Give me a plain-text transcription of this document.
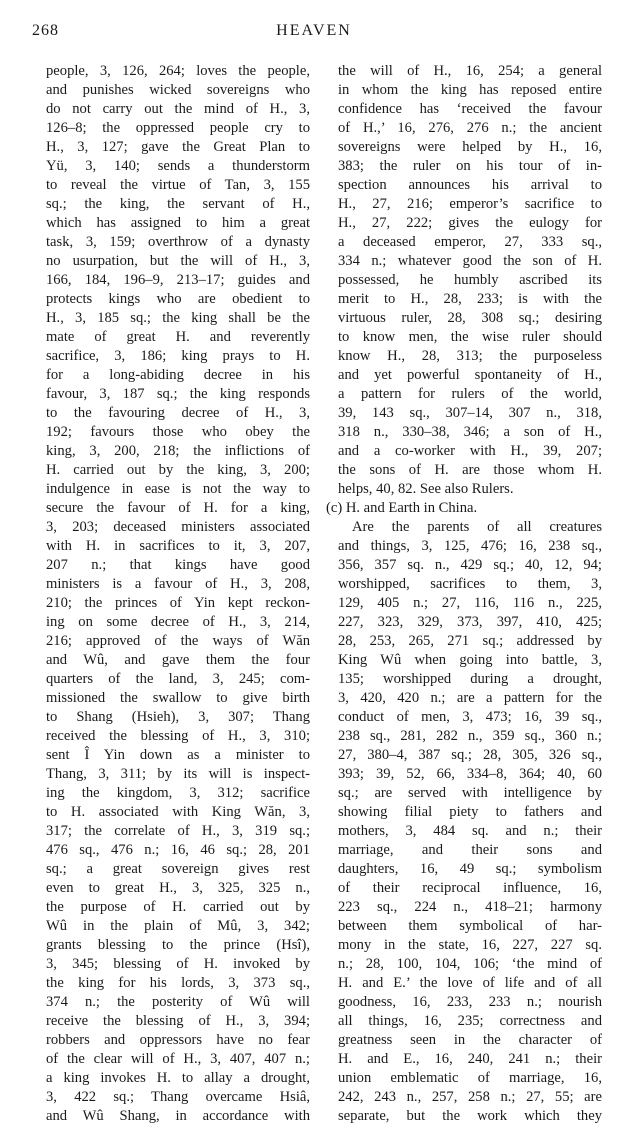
268	HEAVEN
people, 3, 126, 264; loves the people,
and punishes wicked sovereigns who
do not carry out the mind of H., 3,
126–8; the oppressed people cry to
H., 3, 127; gave the Great Plan to
Yü, 3, 140; sends a thunderstorm
to reveal the virtue of Tan, 3, 155
sq.; the king, the servant of H.,
which has assigned to him a great
task, 3, 159; overthrow of a dynasty
no usurpation, but the will of H., 3,
166, 184, 196–9, 213–17; guides and
protects kings who are obedient to
H., 3, 185 sq.; the king shall be the
mate of great H. and reverently
sacrifice, 3, 186; king prays to H.
for a long-abiding decree in his
favour, 3, 187 sq.; the king responds
to the favouring decree of H., 3,
192; favours those who obey the
king, 3, 200, 218; the inflictions of
H. carried out by the king, 3, 200;
indulgence in ease is not the way to
secure the favour of H. for a king,
3, 203; deceased ministers associated
with H. in sacrifices to it, 3, 207,
207 n.; that kings have good
ministers is a favour of H., 3, 208,
210; the princes of Yin kept reckon-
ing on some decree of H., 3, 214,
216; approved of the ways of Wăn
and Wû, and gave them the four
quarters of the land, 3, 245; com-
missioned the swallow to give birth
to Shang (Hsieh), 3, 307; Thang
received the blessing of H., 3, 310;
sent Î Yin down as a minister to
Thang, 3, 311; by its will is inspect-
ing the kingdom, 3, 312; sacrifice
to H. associated with King Wăn, 3,
317; the correlate of H., 3, 319 sq.;
476 sq., 476 n.; 16, 46 sq.; 28, 201
sq.; a great sovereign gives rest
even to great H., 3, 325, 325 n.,
the purpose of H. carried out by
Wû in the plain of Mû, 3, 342;
grants blessing to the prince (Hsî),
3, 345; blessing of H. invoked by
the king for his lords, 3, 373 sq.,
374 n.; the posterity of Wû will
receive the blessing of H., 3, 394;
robbers and oppressors have no fear
of the clear will of H., 3, 407, 407 n.;
a king invokes H. to allay a drought,
3, 422 sq.; Thang overcame Hsiâ,
and Wû Shang, in accordance with
the will of H., 16, 254; a general
in whom the king has reposed entire
confidence has ‘received the favour
of H.,’ 16, 276, 276 n.; the ancient
sovereigns were helped by H., 16,
383; the ruler on his tour of in-
spection announces his arrival to
H., 27, 216; emperor’s sacrifice to
H., 27, 222; gives the eulogy for
a deceased emperor, 27, 333 sq.,
334 n.; whatever good the son of H.
possessed, he humbly ascribed its
merit to H., 28, 233; is with the
virtuous ruler, 28, 308 sq.; desiring
to know men, the wise ruler should
know H., 28, 313; the purposeless
and yet powerful spontaneity of H.,
a pattern for rulers of the world,
39, 143 sq., 307–14, 307 n., 318,
318 n., 330–38, 346; a son of H.,
and a co-worker with H., 39, 207;
the sons of H. are those whom H.
helps, 40, 82. See also Rulers.
(c) H. and Earth in China.
Are the parents of all creatures
and things, 3, 125, 476; 16, 238 sq.,
356, 357 sq. n., 429 sq.; 40, 12, 94;
worshipped, sacrifices to them, 3,
129, 405 n.; 27, 116, 116 n., 225,
227, 323, 329, 373, 397, 410, 425;
28, 253, 265, 271 sq.; addressed by
King Wû when going into battle, 3,
135; worshipped during a drought,
3, 420, 420 n.; are a pattern for the
conduct of men, 3, 473; 16, 39 sq.,
238 sq., 281, 282 n., 359 sq., 360 n.;
27, 380–4, 387 sq.; 28, 305, 326 sq.,
393; 39, 52, 66, 334–8, 364; 40, 60
sq.; are served with intelligence by
showing filial piety to fathers and
mothers, 3, 484 sq. and n.; their
marriage, and their sons and
daughters, 16, 49 sq.; symbolism
of their reciprocal influence, 16,
223 sq., 224 n., 418–21; harmony
between them symbolical of har-
mony in the state, 16, 227, 227 sq.
n.; 28, 100, 104, 106; ‘the mind of
H. and E.’ the love of life and of all
goodness, 16, 233, 233 n.; nourish
all things, 16, 235; correctness and
greatness seen in the character of
H. and E., 16, 240, 241 n.; their
union emblematic of marriage, 16,
242, 243 n., 257, 258 n.; 27, 55; are
separate, but the work which they
